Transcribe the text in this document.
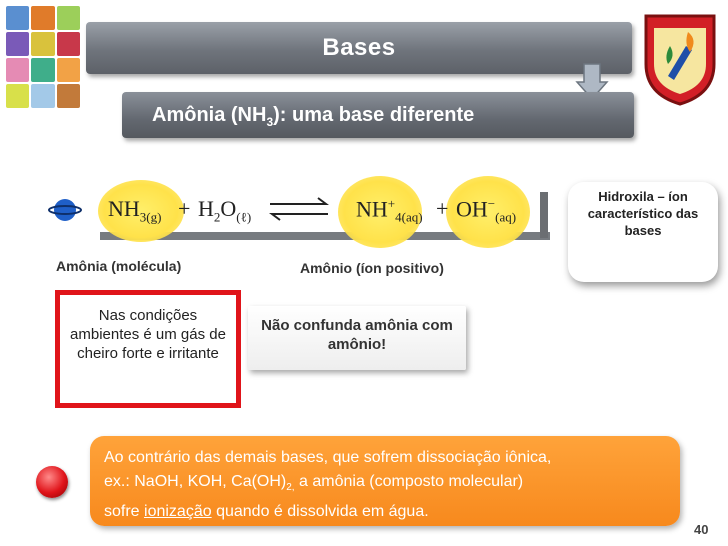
Bases
Amônia $(NH_3)$: uma base diferente
$NH_{3(g)} + H_2O_{(\ell)}$ ⇌ $NH^+_{4(aq)} + OH^-_{(aq)}$
Hidroxila – íon característico das bases
Amônia (molécula)	Amônio (íon positivo)
Nas condições ambientes é um gás de cheiro forte e irritante
Não confunda amônia com amônio!
Ao contrário das demais bases, que sofrem dissociação iônica,
ex.: NaOH, KOH, $Ca(OH)_{2,}$ a amônia (composto molecular)
sofre ionização quando é dissolvida em água.
40
